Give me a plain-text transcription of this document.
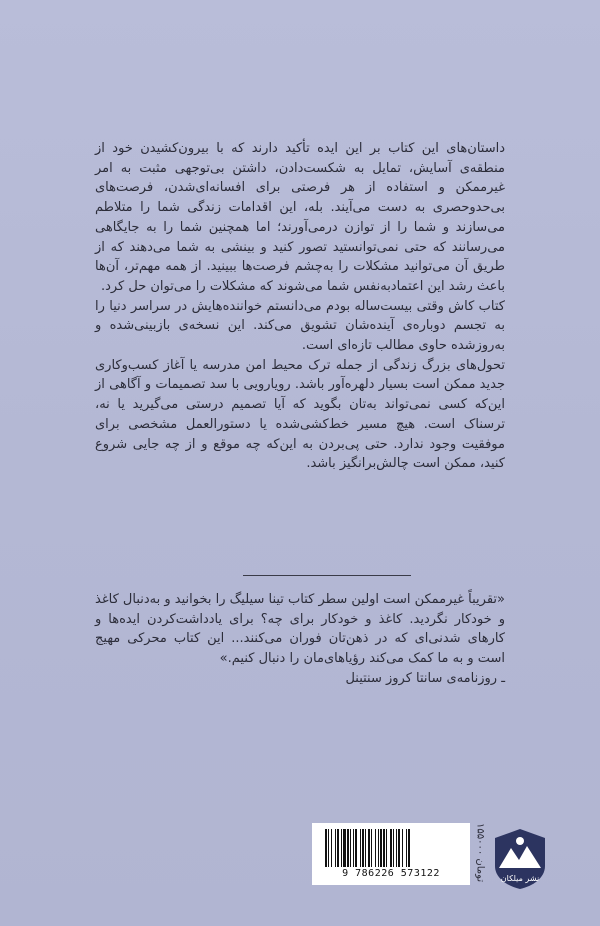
داستان‌های این کتاب بر این ایده تأکید دارند که با بیرون‌کشیدن خود از منطقه‌ی آسایش، تمایل به شکست‌دادن، داشتن بی‌توجهی مثبت به امر غیرممکن و استفاده از هر فرصتی برای افسانه‌ای‌شدن، فرصت‌های بی‌حدوحصری به دست می‌آیند. بله، این اقدامات زندگی شما را متلاطم می‌سازند و شما را از توازن درمی‌آورند؛ اما همچنین شما را به جایگاهی می‌رسانند که حتی نمی‌توانستید تصور کنید و بینشی به شما می‌دهند که از طریق آن می‌توانید مشکلات را به‌چشم فرصت‌ها ببینید. از همه مهم‌تر، آن‌ها باعث رشد این اعتمادبه‌نفس شما می‌شوند که مشکلات را می‌توان حل کرد.

کتاب کاش وقتی بیست‌ساله بودم می‌دانستم خواننده‌هایش در سراسر دنیا را به تجسم دوباره‌ی آینده‌شان تشویق می‌کند. این نسخه‌ی بازبینی‌شده و به‌روزشده حاوی مطالب تازه‌ای است.

تحول‌های بزرگ زندگی از جمله ترک محیط امن مدرسه یا آغاز کسب‌وکاری جدید ممکن است بسیار دلهره‌آور باشد. رویارویی با سد تصمیمات و آگاهی از این‌که کسی نمی‌تواند به‌تان بگوید که آیا تصمیم درستی می‌گیرید یا نه، ترسناک است. هیچ مسیر خط‌کشی‌شده یا دستورالعمل مشخصی برای موفقیت وجود ندارد. حتی پی‌بردن به این‌که چه موقع و از چه جایی شروع کنید، ممکن است چالش‌برانگیز باشد.

«تقریباً غیرممکن است اولین سطر کتاب تینا سیلیگ را بخوانید و به‌دنبال کاغذ و خودکار نگردید. کاغذ و خودکار برای چه؟ برای یادداشت‌کردن ایده‌ها و کارهای شدنی‌ای که در ذهن‌تان فوران می‌کنند... این کتاب محرکی مهیج است و به ما کمک می‌کند رؤیاهای‌مان را دنبال کنیم.»

ـ روزنامه‌ی سانتا کروز سنتینل

9 786226 573122
۱۵۵۰۰۰ تومان	نشر میلکان
